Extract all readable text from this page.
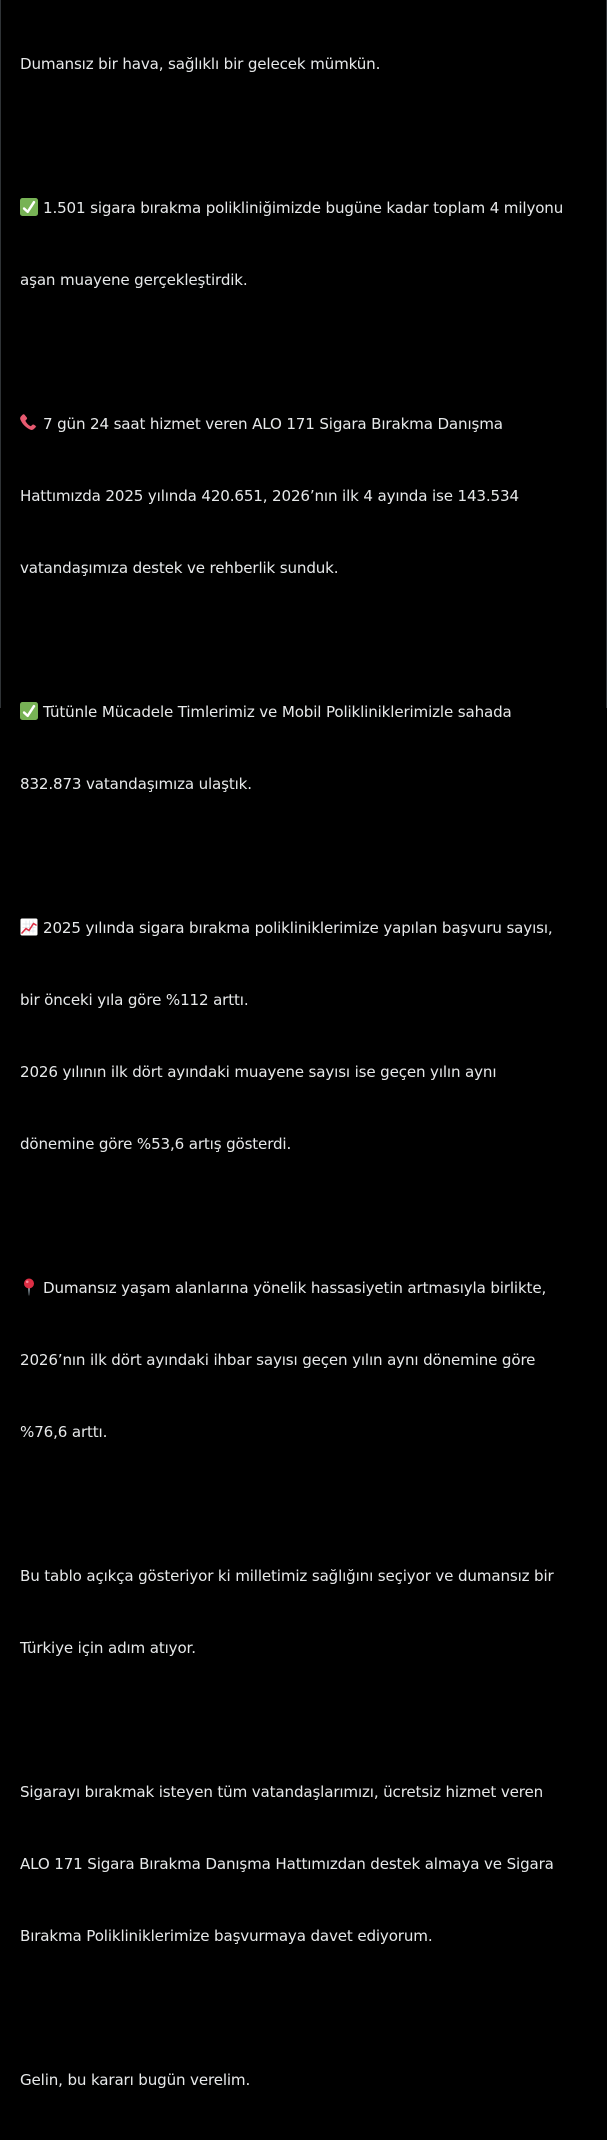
Dumansız bir hava, sağlıklı bir gelecek mümkün.

1.501 sigara bırakma polikliniğimizde bugüne kadar toplam 4 milyonu

aşan muayene gerçekleştirdik.

7 gün 24 saat hizmet veren ALO 171 Sigara Bırakma Danışma

Hattımızda 2025 yılında 420.651, 2026’nın ilk 4 ayında ise 143.534

vatandaşımıza destek ve rehberlik sunduk.

Tütünle Mücadele Timlerimiz ve Mobil Polikliniklerimizle sahada

832.873 vatandaşımıza ulaştık.

2025 yılında sigara bırakma polikliniklerimize yapılan başvuru sayısı,

bir önceki yıla göre %112 arttı.

2026 yılının ilk dört ayındaki muayene sayısı ise geçen yılın aynı

dönemine göre %53,6 artış gösterdi.

Dumansız yaşam alanlarına yönelik hassasiyetin artmasıyla birlikte,

2026’nın ilk dört ayındaki ihbar sayısı geçen yılın aynı dönemine göre

%76,6 arttı.

Bu tablo açıkça gösteriyor ki milletimiz sağlığını seçiyor ve dumansız bir

Türkiye için adım atıyor.

Sigarayı bırakmak isteyen tüm vatandaşlarımızı, ücretsiz hizmet veren

ALO 171 Sigara Bırakma Danışma Hattımızdan destek almaya ve Sigara

Bırakma Polikliniklerimize başvurmaya davet ediyorum.

Gelin, bu kararı bugün verelim.
